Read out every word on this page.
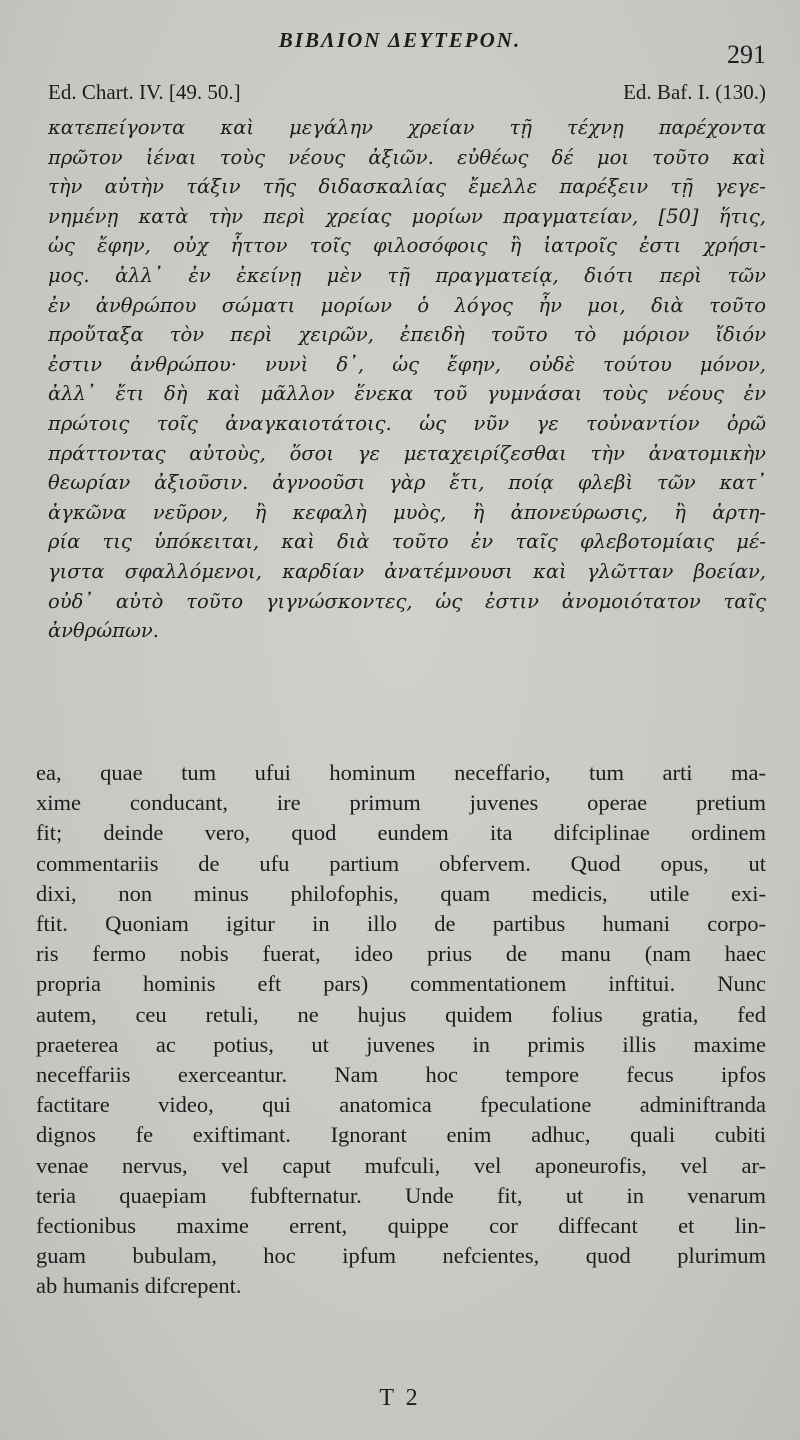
ΒΙΒΛΙΟΝ ΔΕΥΤΕΡΟΝ.	291
Ed. Chart. IV. [49. 50.]	Ed. Baf. I. (130.)
κατεπείγοντα καὶ μεγάλην χρείαν τῇ τέχνῃ παρέχοντα
πρῶτον ἰέναι τοὺς νέους ἀξιῶν. εὐθέως δέ μοι τοῦτο καὶ
τὴν αὐτὴν τάξιν τῆς διδασκαλίας ἔμελλε παρέξειν τῇ γεγε-
νημένῃ κατὰ τὴν περὶ χρείας μορίων πραγματείαν, [50] ἥτις,
ὡς ἔφην, οὐχ ἧττον τοῖς φιλοσόφοις ἢ ἰατροῖς ἐστι χρήσι-
μος. ἀλλ᾽ ἐν ἐκείνῃ μὲν τῇ πραγματείᾳ, διότι περὶ τῶν
ἐν ἀνθρώπου σώματι μορίων ὁ λόγος ἦν μοι, διὰ τοῦτο
προὔταξα τὸν περὶ χειρῶν, ἐπειδὴ τοῦτο τὸ μόριον ἴδιόν
ἐστιν ἀνθρώπου· νυνὶ δ᾽, ὡς ἔφην, οὐδὲ τούτου μόνον,
ἀλλ᾽ ἔτι δὴ καὶ μᾶλλον ἕνεκα τοῦ γυμνάσαι τοὺς νέους ἐν
πρώτοις τοῖς ἀναγκαιοτάτοις. ὡς νῦν γε τοὐναντίον ὁρῶ
πράττοντας αὐτοὺς, ὅσοι γε μεταχειρίζεσθαι τὴν ἀνατομικὴν
θεωρίαν ἀξιοῦσιν. ἀγνοοῦσι γὰρ ἔτι, ποίᾳ φλεβὶ τῶν κατ᾽
ἀγκῶνα νεῦρον, ἢ κεφαλὴ μυὸς, ἢ ἀπονεύρωσις, ἢ ἀρτη-
ρία τις ὑπόκειται, καὶ διὰ τοῦτο ἐν ταῖς φλεβοτομίαις μέ-
γιστα σφαλλόμενοι, καρδίαν ἀνατέμνουσι καὶ γλῶτταν βοείαν,
οὐδ᾽ αὐτὸ τοῦτο γιγνώσκοντες, ὡς ἐστιν ἀνομοιότατον ταῖς
ἀνθρώπων.
ea, quae tum ufui hominum neceffario, tum arti ma-
xime conducant, ire primum juvenes operae pretium
fit; deinde vero, quod eundem ita difciplinae ordinem
commentariis de ufu partium obfervem. Quod opus, ut
dixi, non minus philofophis, quam medicis, utile exi-
ftit. Quoniam igitur in illo de partibus humani corpo-
ris fermo nobis fuerat, ideo prius de manu (nam haec
propria hominis eft pars) commentationem inftitui. Nunc
autem, ceu retuli, ne hujus quidem folius gratia, fed
praeterea ac potius, ut juvenes in primis illis maxime
neceffariis exerceantur. Nam hoc tempore fecus ipfos
factitare video, qui anatomica fpeculatione adminiftranda
dignos fe exiftimant. Ignorant enim adhuc, quali cubiti
venae nervus, vel caput mufculi, vel aponeurofis, vel ar-
teria quaepiam fubfternatur. Unde fit, ut in venarum
fectionibus maxime errent, quippe cor diffecant et lin-
guam bubulam, hoc ipfum nefcientes, quod plurimum
ab humanis difcrepent.
T 2
